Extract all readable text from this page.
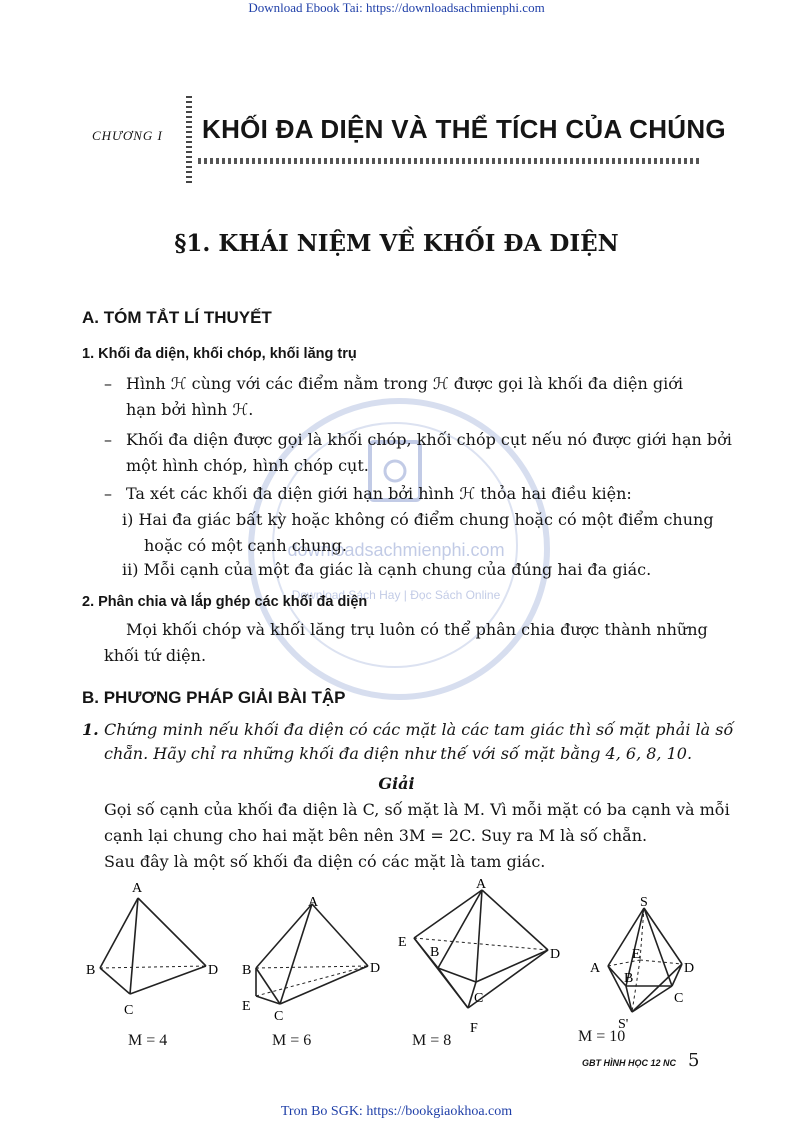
Download Ebook Tai: https://downloadsachmienphi.com
CHƯƠNG I KHỐI ĐA DIỆN VÀ THỂ TÍCH CỦA CHÚNG
§1. KHÁI NIỆM VỀ KHỐI ĐA DIỆN
downloadsachmienphi.com
Download Sách Hay | Đọc Sách Online
A. TÓM TẮT LÍ THUYẾT
1. Khối đa diện, khối chóp, khối lăng trụ
– Hình ℋ cùng với các điểm nằm trong ℋ được gọi là khối đa diện giới
hạn bởi hình ℋ.
– Khối đa diện được gọi là khối chóp, khối chóp cụt nếu nó được giới hạn bởi
một hình chóp, hình chóp cụt.
– Ta xét các khối đa diện giới hạn bởi hình ℋ thỏa hai điều kiện:
i) Hai đa giác bất kỳ hoặc không có điểm chung hoặc có một điểm chung
hoặc có một cạnh chung.
ii) Mỗi cạnh của một đa giác là cạnh chung của đúng hai đa giác.
2. Phân chia và lắp ghép các khối đa diện
Mọi khối chóp và khối lăng trụ luôn có thể phân chia được thành những
khối tứ diện.
B. PHƯƠNG PHÁP GIẢI BÀI TẬP
1. Chứng minh nếu khối đa diện có các mặt là các tam giác thì số mặt phải là số
chẵn. Hãy chỉ ra những khối đa diện như thế với số mặt bằng 4, 6, 8, 10.
Giải
Gọi số cạnh của khối đa diện là C, số mặt là M. Vì mỗi mặt có ba cạnh và mỗi
cạnh lại chung cho hai mặt bên nên 3M = 2C. Suy ra M là số chẵn.
Sau đây là một số khối đa diện có các mặt là tam giác.
A
B
C
D
M = 4
A
B
C
D
E
M = 6
A
B
C
D
E
F
M = 8
S
A
B
C
D
E
S'
M = 10
GBT HÌNH HỌC 12 NC 5
Tron Bo SGK: https://bookgiaokhoa.com
